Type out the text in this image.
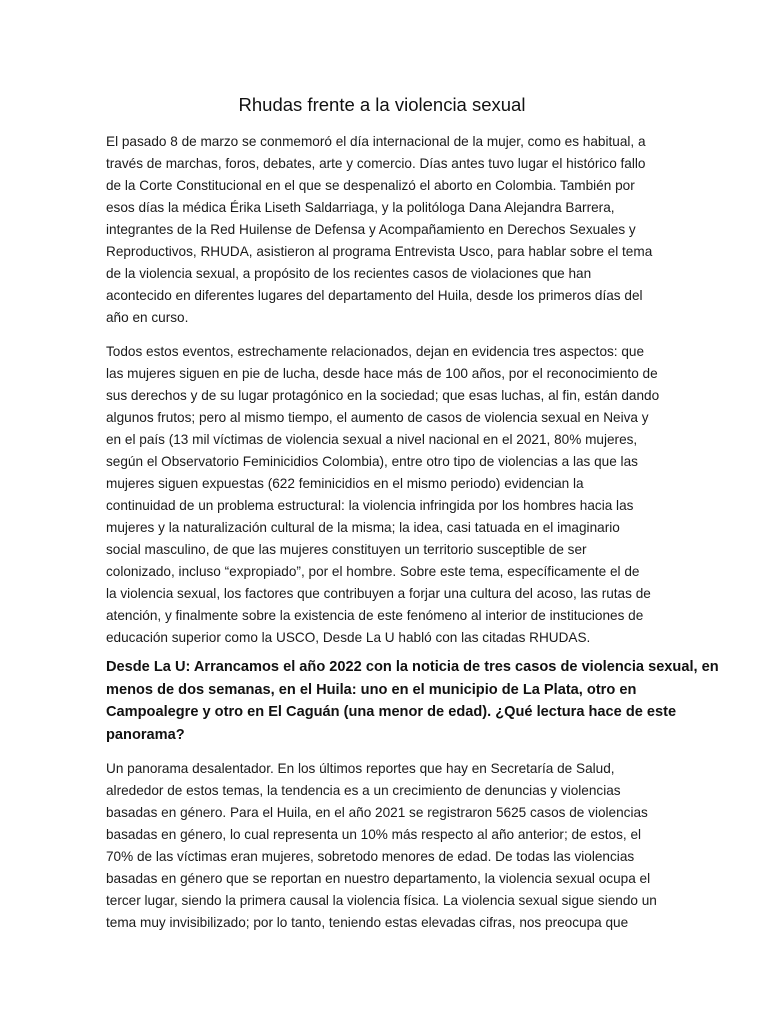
Rhudas frente a la violencia sexual

El pasado 8 de marzo se conmemoró el día internacional de la mujer, como es habitual, a
través de marchas, foros, debates, arte y comercio. Días antes tuvo lugar el histórico fallo
de la Corte Constitucional en el que se despenalizó el aborto en Colombia. También por
esos días la médica Érika Liseth Saldarriaga, y la politóloga Dana Alejandra Barrera,
integrantes de la Red Huilense de Defensa y Acompañamiento en Derechos Sexuales y
Reproductivos, RHUDA, asistieron al programa Entrevista Usco, para hablar sobre el tema
de la violencia sexual, a propósito de los recientes casos de violaciones que han
acontecido en diferentes lugares del departamento del Huila, desde los primeros días del
año en curso.

Todos estos eventos, estrechamente relacionados, dejan en evidencia tres aspectos: que
las mujeres siguen en pie de lucha, desde hace más de 100 años, por el reconocimiento de
sus derechos y de su lugar protagónico en la sociedad; que esas luchas, al fin, están dando
algunos frutos; pero al mismo tiempo, el aumento de casos de violencia sexual en Neiva y
en el país (13 mil víctimas de violencia sexual a nivel nacional en el 2021, 80% mujeres,
según el Observatorio Feminicidios Colombia), entre otro tipo de violencias a las que las
mujeres siguen expuestas (622 feminicidios en el mismo periodo) evidencian la
continuidad de un problema estructural: la violencia infringida por los hombres hacia las
mujeres y la naturalización cultural de la misma; la idea, casi tatuada en el imaginario
social masculino, de que las mujeres constituyen un territorio susceptible de ser
colonizado, incluso “expropiado”, por el hombre. Sobre este tema, específicamente el de
la violencia sexual, los factores que contribuyen a forjar una cultura del acoso, las rutas de
atención, y finalmente sobre la existencia de este fenómeno al interior de instituciones de
educación superior como la USCO, Desde La U habló con las citadas RHUDAS.

Desde La U: Arrancamos el año 2022 con la noticia de tres casos de violencia sexual, en
menos de dos semanas, en el Huila: uno en el municipio de La Plata, otro en
Campoalegre y otro en El Caguán (una menor de edad). ¿Qué lectura hace de este
panorama?

Un panorama desalentador. En los últimos reportes que hay en Secretaría de Salud,
alrededor de estos temas, la tendencia es a un crecimiento de denuncias y violencias
basadas en género. Para el Huila, en el año 2021 se registraron 5625 casos de violencias
basadas en género, lo cual representa un 10% más respecto al año anterior; de estos, el
70% de las víctimas eran mujeres, sobretodo menores de edad. De todas las violencias
basadas en género que se reportan en nuestro departamento, la violencia sexual ocupa el
tercer lugar, siendo la primera causal la violencia física. La violencia sexual sigue siendo un
tema muy invisibilizado; por lo tanto, teniendo estas elevadas cifras, nos preocupa que
